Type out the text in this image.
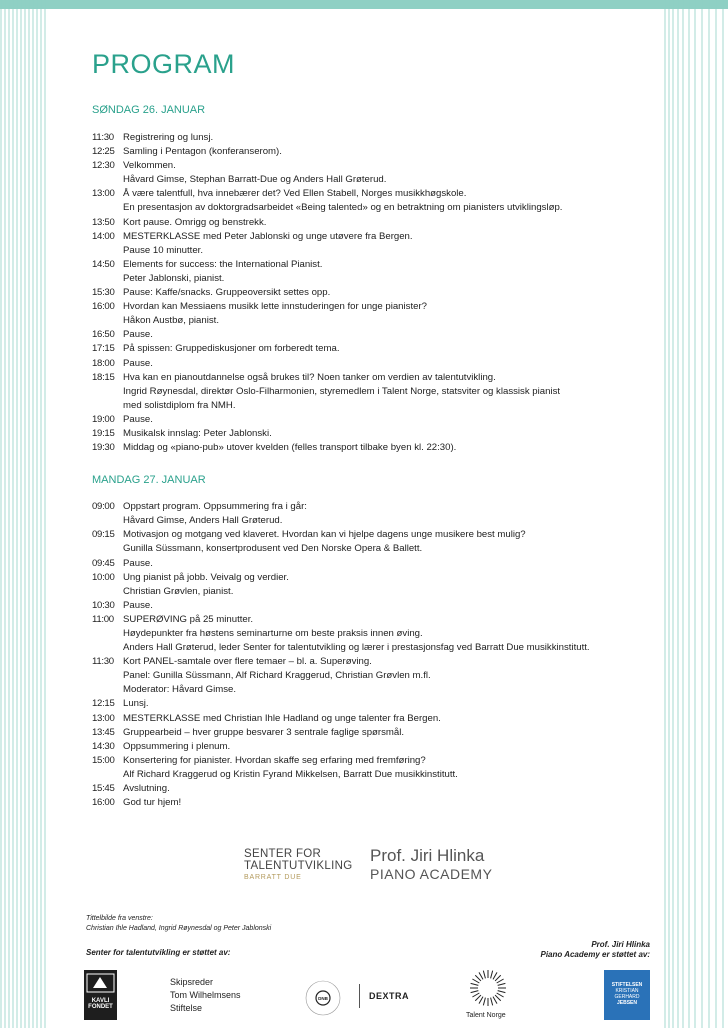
PROGRAM
SØNDAG 26. JANUAR
11:30 Registrering og lunsj.
12:25 Samling i Pentagon (konferanserom).
12:30 Velkommen.
Håvard Gimse, Stephan Barratt-Due og Anders Hall Grøterud.
13:00 Å være talentfull, hva innebærer det? Ved Ellen Stabell, Norges musikkhøgskole.
En presentasjon av doktorgradsarbeidet «Being talented» og en betraktning om pianisters utviklingsløp.
13:50 Kort pause. Omrigg og benstrekk.
14:00 MESTERKLASSE med Peter Jablonski og unge utøvere fra Bergen.
Pause 10 minutter.
14:50 Elements for success: the International Pianist.
Peter Jablonski, pianist.
15:30 Pause: Kaffe/snacks. Gruppeoversikt settes opp.
16:00 Hvordan kan Messiaens musikk lette innstuderingen for unge pianister?
Håkon Austbø, pianist.
16:50 Pause.
17:15 På spissen: Gruppediskusjoner om forberedt tema.
18:00 Pause.
18:15 Hva kan en pianoutdannelse også brukes til? Noen tanker om verdien av talentutvikling.
Ingrid Røynesdal, direktør Oslo-Filharmonien, styremedlem i Talent Norge, statsviter og klassisk pianist
med solistdiplom fra NMH.
19:00 Pause.
19:15 Musikalsk innslag: Peter Jablonski.
19:30 Middag og «piano-pub» utover kvelden (felles transport tilbake byen kl. 22:30).
MANDAG 27. JANUAR
09:00 Oppstart program. Oppsummering fra i går:
Håvard Gimse, Anders Hall Grøterud.
09:15 Motivasjon og motgang ved klaveret. Hvordan kan vi hjelpe dagens unge musikere best mulig?
Gunilla Süssmann, konsertprodusent ved Den Norske Opera & Ballett.
09:45 Pause.
10:00 Ung pianist på jobb. Veivalg og verdier.
Christian Grøvlen, pianist.
10:30 Pause.
11:00 SUPERØVING på 25 minutter.
Høydepunkter fra høstens seminarturne om beste praksis innen øving.
Anders Hall Grøterud, leder Senter for talentutvikling og lærer i prestasjonsfag ved Barratt Due musikkinstitutt.
11:30 Kort PANEL-samtale over flere temaer – bl. a. Superøving.
Panel: Gunilla Süssmann, Alf Richard Kraggerud, Christian Grøvlen m.fl.
Moderator: Håvard Gimse.
12:15 Lunsj.
13:00 MESTERKLASSE med Christian Ihle Hadland og unge talenter fra Bergen.
13:45 Gruppearbeid – hver gruppe besvarer 3 sentrale faglige spørsmål.
14:30 Oppsummering i plenum.
15:00 Konsertering for pianister. Hvordan skaffe seg erfaring med fremføring?
Alf Richard Kraggerud og Kristin Fyrand Mikkelsen, Barratt Due musikkinstitutt.
15:45 Avslutning.
16:00 God tur hjem!
SENTER FOR
TALENTUTVIKLING
BARRATT DUE
Prof. Jiri Hlinka
PIANO ACADEMY
Tittelbilde fra venstre:
Christian Ihle Hadland, Ingrid Røynesdal og Peter Jablonski
Senter for talentutvikling er støttet av:
Prof. Jiri Hlinka
Piano Academy er støttet av:
KAVLI
FONDET
Skipsreder
Tom Wilhelmsens
Stiftelse
DNB	DEXTRA
Talent Norge
STIFTELSEN
KRISTIAN
GERHARD
JEBSEN
